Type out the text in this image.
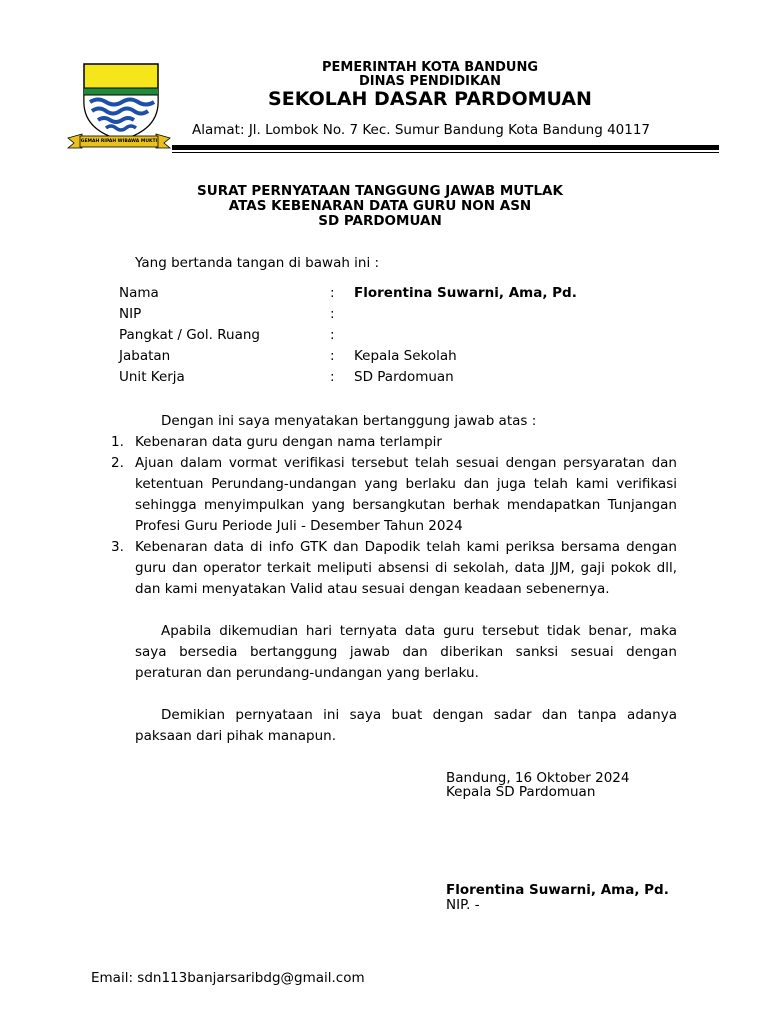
GEMAH RIPAH WIBAWA MUKTI
PEMERINTAH KOTA BANDUNG
DINAS PENDIDIKAN
SEKOLAH DASAR PARDOMUAN
Alamat: Jl. Lombok No. 7 Kec. Sumur Bandung Kota Bandung 40117
SURAT PERNYATAAN TANGGUNG JAWAB MUTLAK
ATAS KEBENARAN DATA GURU NON ASN
SD PARDOMUAN
Yang bertanda tangan di bawah ini :
Nama	: Florentina Suwarni, Ama, Pd.
NIP	:
Pangkat / Gol. Ruang	:
Jabatan	: Kepala Sekolah
Unit Kerja	: SD Pardomuan
Dengan ini saya menyatakan bertanggung jawab atas :
1. Kebenaran data guru dengan nama terlampir
2. Ajuan dalam vormat verifikasi tersebut telah sesuai dengan persyaratan dan
ketentuan Perundang-undangan yang berlaku dan juga telah kami verifikasi
sehingga menyimpulkan yang bersangkutan berhak mendapatkan Tunjangan
Profesi Guru Periode Juli - Desember Tahun 2024
3. Kebenaran data di info GTK dan Dapodik telah kami periksa bersama dengan
guru dan operator terkait meliputi absensi di sekolah, data JJM, gaji pokok dll,
dan kami menyatakan Valid atau sesuai dengan keadaan sebenernya.
Apabila dikemudian hari ternyata data guru tersebut tidak benar, maka
saya bersedia bertanggung jawab dan diberikan sanksi sesuai dengan
peraturan dan perundang-undangan yang berlaku.
Demikian pernyataan ini saya buat dengan sadar dan tanpa adanya
paksaan dari pihak manapun.
Bandung, 16 Oktober 2024
Kepala SD Pardomuan
Florentina Suwarni, Ama, Pd.
NIP. -
Email: sdn113banjarsaribdg@gmail.com
